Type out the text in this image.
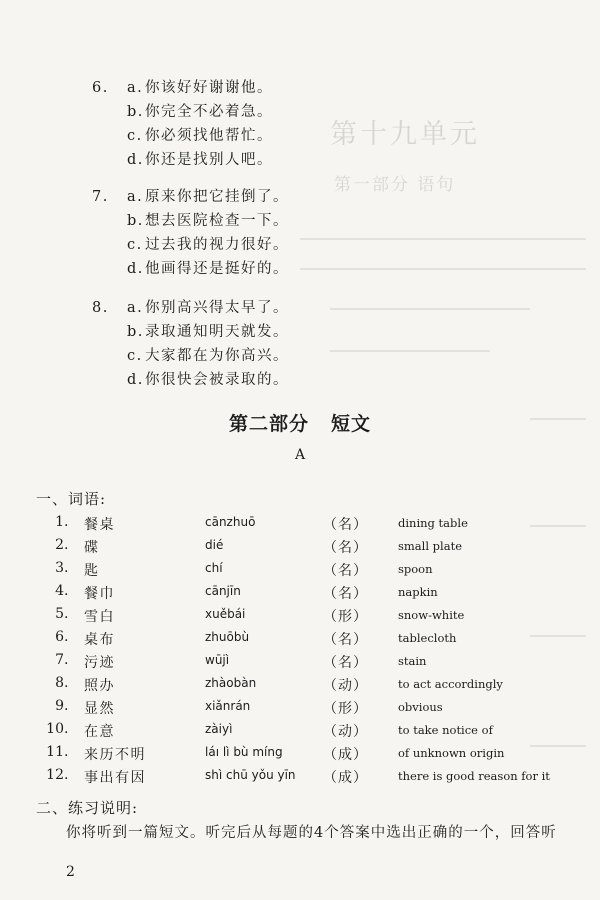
第十九单元
第一部分 语句
6. a. 你该好好谢谢他。
b.你完全不必着急。
c. 你必须找他帮忙。
d.你还是找别人吧。
7. a. 原来你把它挂倒了。
b.想去医院检查一下。
c. 过去我的视力很好。
d.他画得还是挺好的。
8. a. 你别高兴得太早了。
b.录取通知明天就发。
c. 大家都在为你高兴。
d.你很快会被录取的。
第二部分 短文
A
一、词语:
1 . 餐桌	cānzhuō	（名）	dining table
2 . 碟	dié	（名）	small plate
3 . 匙	chí	（名）	spoon
4 . 餐巾	cānjīn	（名）	napkin
5 . 雪白	xuěbái	（形）	snow-white
6 . 桌布	zhuōbù	（名）	tablecloth
7 . 污迹	wūjì	（名）	stain
8 . 照办	zhàobàn	（动）	to act accordingly
9 . 显然	xiǎnrán	（形）	obvious
10 . 在意	zàiyì	（动）	to take notice of
11 . 来历不明	láı lì bù míng	（成）	of unknown origin
12 . 事出有因	shì chū yǒu yīn （成）	there is good reason for it
二、练习说明:
你将听到一篇短文。听完后从每题的4个答案中选出正确的一个，回答听
2
